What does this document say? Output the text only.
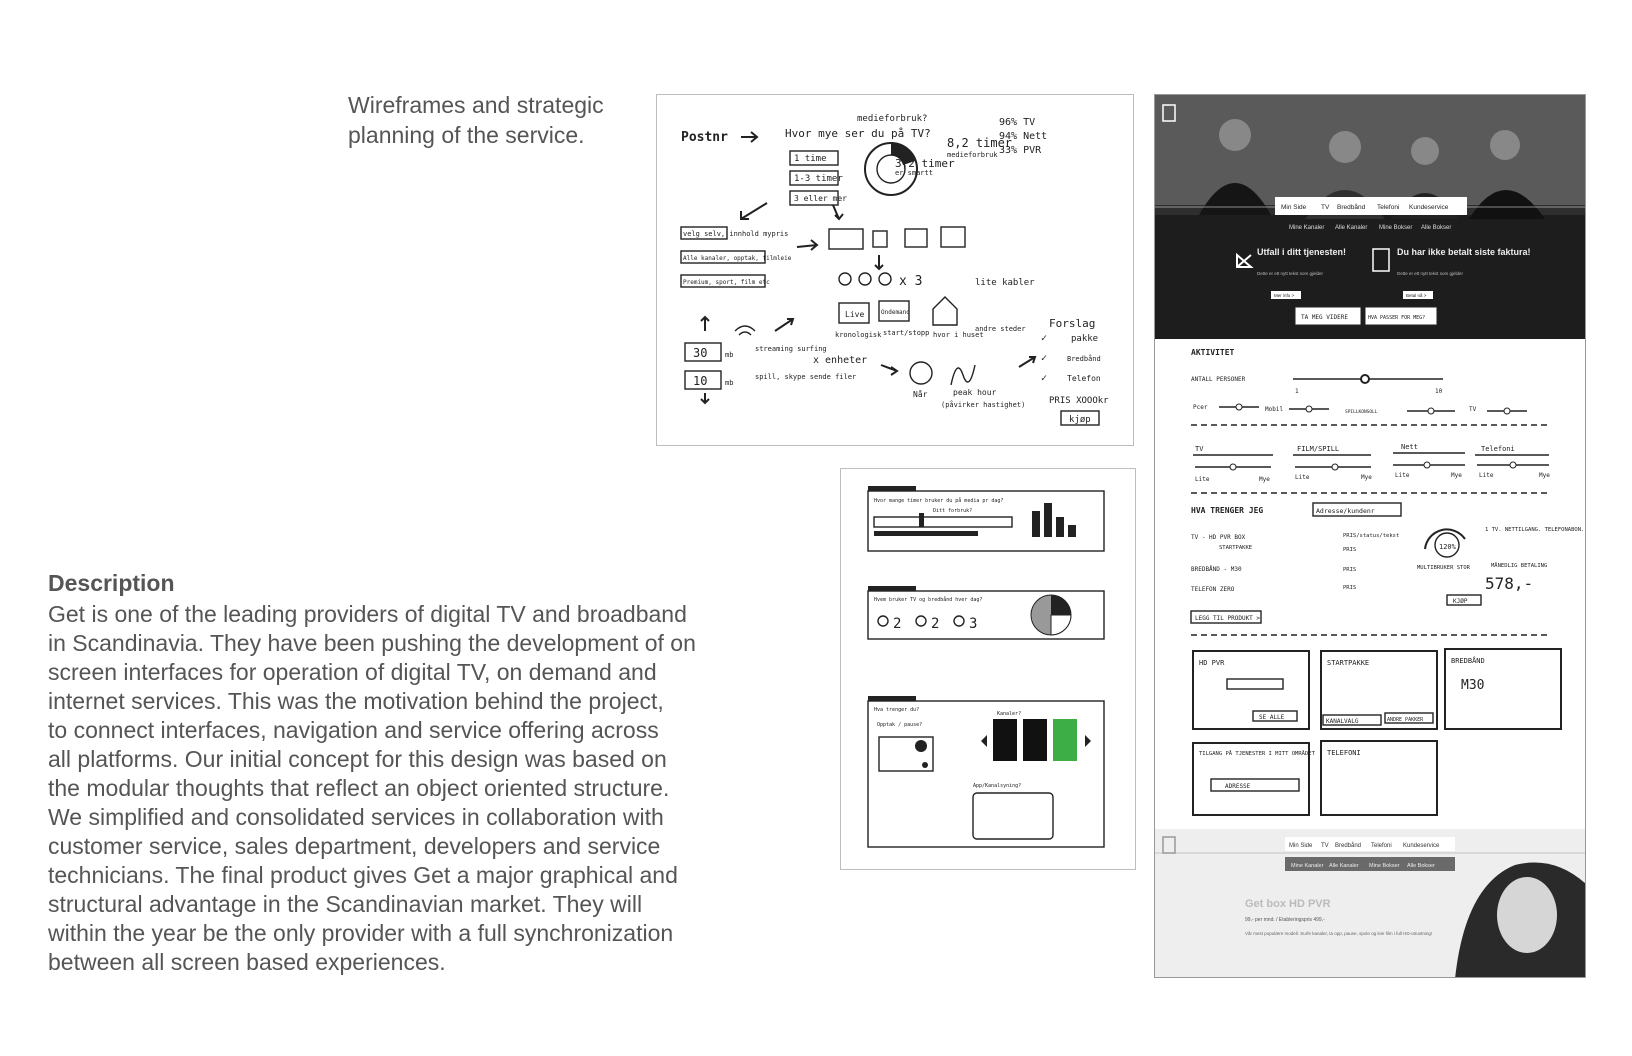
Wireframes and strategic
planning of the service.
Description
Get is one of the leading providers of digital TV and broadband
in Scandinavia. They have been pushing the development of on
screen interfaces for operation of digital TV, on demand and
internet services. This was the motivation behind the project,
to connect interfaces, navigation and service offering across
all platforms. Our initial concept for this design was based on
the modular thoughts that reflect an object oriented structure.
We simplified and consolidated services in collaboration with
customer service, sales department, developers and service
technicians. The final product gives Get a major graphical and
structural advantage in the Scandinavian market. They will
within the year be the only provider with a full synchronization
between all screen based experiences.
Postnr	Hvor mye ser du på TV?
medieforbruk?
1 time
1-3 timer
3 eller mer
8,2 timer
medieforbruk
3,2 timer
er smartt
96% TV
94% Nett
33% PVR
velg selv, innhold mypris
Alle kanaler, opptak, filmleie
Premium, sport, film etc	x 3	lite kabler
Live	Ondemand
kronologisk start/stopp hvor i huset
andre steder
30	mb
streaming surfing
x enheter
10	mb
spill, skype sende filer
Når	peak hour
(påvirker hastighet)
Forslag
✓	pakke
✓	Bredbånd
✓ Telefon
PRIS XOOOkr
kjøp
Hvor mange timer bruker du på media pr dag?
Ditt forbruk?
Hvem bruker TV og bredbånd hver dag?
2 2 3
Hva trenger du?
Opptak / pause?
Kanaler?
App/Kanalsyning?
Min Side TV Bredbånd Telefoni Kundeservice
Mine Kanaler Alle Kanaler Mine Bokser Alle Bokser
Utfall i ditt tjenesten!
Dette er ett nytt tekst som gjelder
Mer info >
Du har ikke betalt siste faktura!
Dette er ett nytt tekst som gjelder
Betal nå >
TA MEG VIDERE	HVA PASSER FOR MEG?
AKTIVITET
ANTALL PERSONER
1	10
Pcer	Mobil	SPILLKONSOLL	TV
TV	FILM/SPILL	Nett	Telefoni
Lite	Mye	Lite	Mye	Lite	Mye	Lite	Mye
HVA TRENGER JEG	Adresse/kundenr
TV - HD PVR BOX
STARTPAKKE
PRIS/status/tekst
PRIS
BREDBÅND - M30	PRIS
TELEFON ZERO	PRIS
120%
1 TV. NETTILGANG. TELEFONABON.
MULTIBRUKER STOR	MÅNEDLIG BETALING
578,-
KJØP
LEGG TIL PRODUKT >
HD PVR
SE ALLE
STARTPAKKE
KANALVALG	ANDRE PAKKER
BREDBÅND
M30
TILGANG PÅ TJENESTER I MITT OMRÅDET
ADRESSE
TELEFONI
Min Side TV Bredbånd Telefoni Kundeservice
Mine Kanaler Alle Kanaler Mine Bokser Alle Bokser
Get box HD PVR
99,- per mnd. / Etableringspris 499,-
Vår mest populære modell. Surfe kanaler, ta opp, pause, spole og leie film i full HD-utrustning!
